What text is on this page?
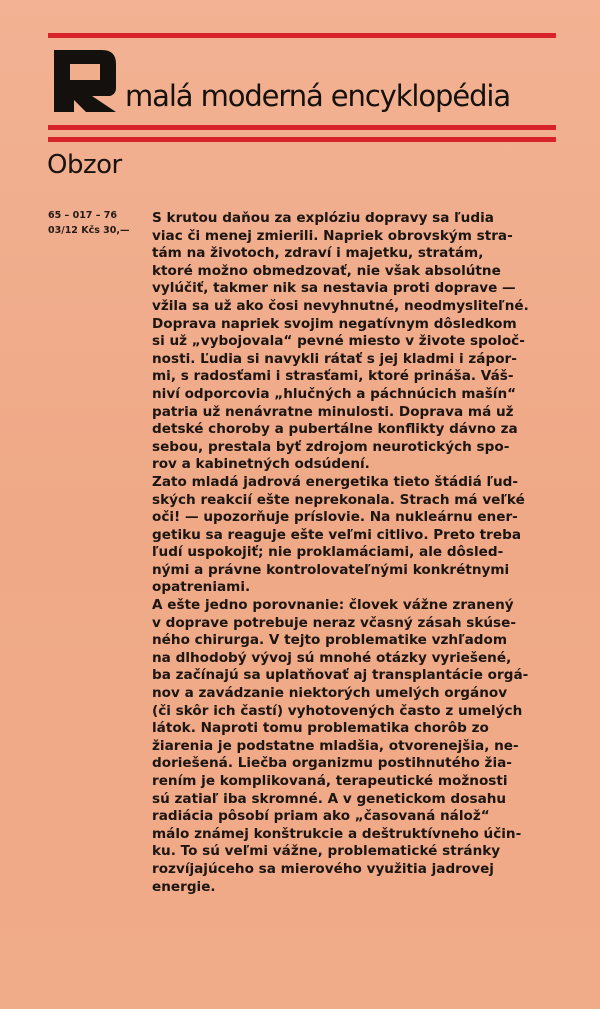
malá moderná encyklopédia
Obzor
65 – 017 – 76
03/12 Kčs 30,—
S krutou daňou za explóziu dopravy sa ľudia
viac či menej zmierili. Napriek obrovským stra-
tám na životoch, zdraví i majetku, stratám,
ktoré možno obmedzovať, nie však absolútne
vylúčiť, takmer nik sa nestavia proti doprave —
vžila sa už ako čosi nevyhnutné, neodmysliteľné.
Doprava napriek svojim negatívnym dôsledkom
si už „vybojovala“ pevné miesto v živote spoloč-
nosti. Ľudia si navykli rátať s jej kladmi i zápor-
mi, s radosťami i strasťami, ktoré prináša. Váš-
niví odporcovia „hlučných a páchnúcich mašín“
patria už nenávratne minulosti. Doprava má už
detské choroby a pubertálne konflikty dávno za
sebou, prestala byť zdrojom neurotických spo-
rov a kabinetných odsúdení.
Zato mladá jadrová energetika tieto štádiá ľud-
ských reakcií ešte neprekonala. Strach má veľké
oči! — upozorňuje príslovie. Na nukleárnu ener-
getiku sa reaguje ešte veľmi citlivo. Preto treba
ľudí uspokojiť; nie proklamáciami, ale dôsled-
nými a právne kontrolovateľnými konkrétnymi
opatreniami.
A ešte jedno porovnanie: človek vážne zranený
v doprave potrebuje neraz včasný zásah skúse-
ného chirurga. V tejto problematike vzhľadom
na dlhodobý vývoj sú mnohé otázky vyriešené,
ba začínajú sa uplatňovať aj transplantácie orgá-
nov a zavádzanie niektorých umelých orgánov
(či skôr ich častí) vyhotovených často z umelých
látok. Naproti tomu problematika chorôb zo
žiarenia je podstatne mladšia, otvorenejšia, ne-
doriešená. Liečba organizmu postihnutého žia-
rením je komplikovaná, terapeutické možnosti
sú zatiaľ iba skromné. A v genetickom dosahu
radiácia pôsobí priam ako „časovaná nálož“
málo známej konštrukcie a deštruktívneho účin-
ku. To sú veľmi vážne, problematické stránky
rozvíjajúceho sa mierového využitia jadrovej
energie.
